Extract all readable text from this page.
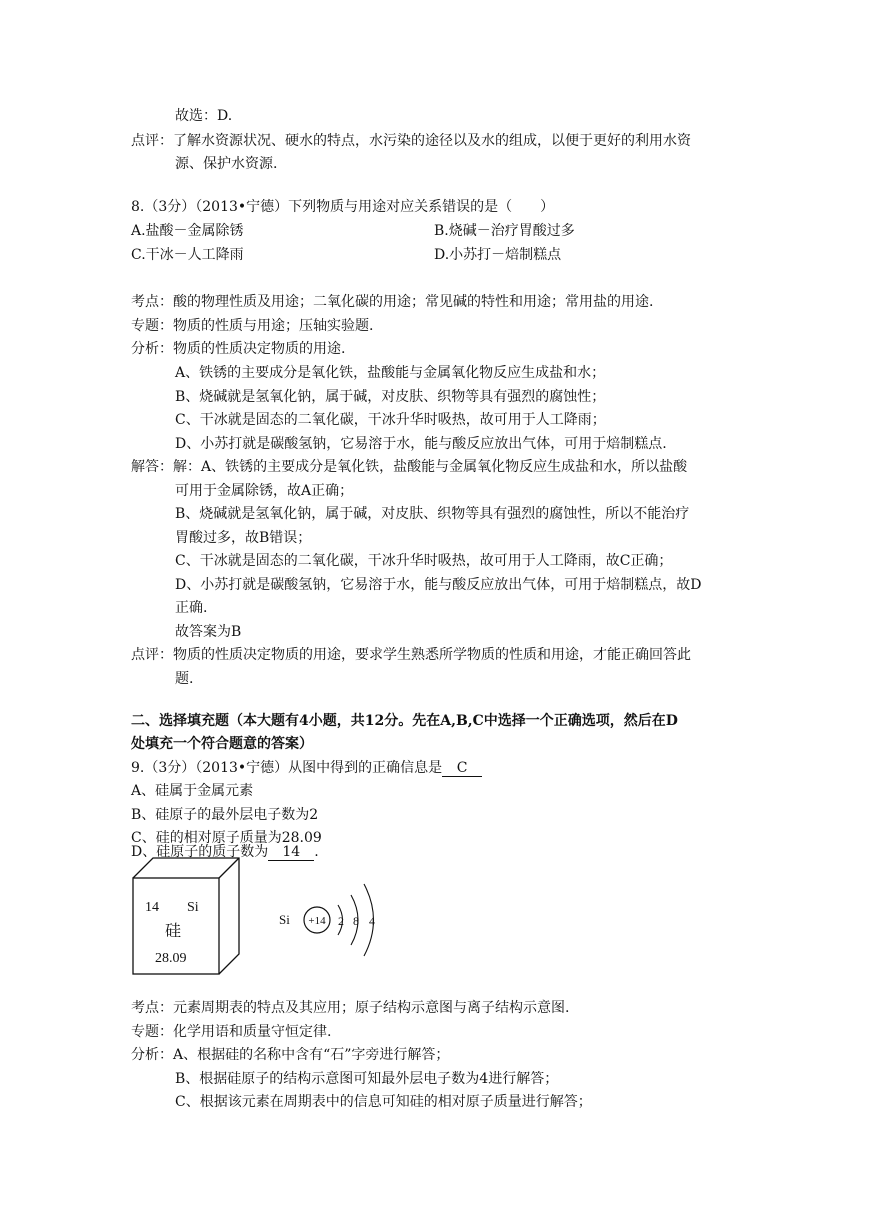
故选：D.
点评：了解水资源状况、硬水的特点，水污染的途径以及水的组成，以便于更好的利用水资
源、保护水资源.
8.（3分）（2013•宁德）下列物质与用途对应关系错误的是（　　）
A.盐酸－金属除锈	B.烧碱－治疗胃酸过多
C.干冰－人工降雨	D.小苏打－焙制糕点
考点：酸的物理性质及用途；二氧化碳的用途；常见碱的特性和用途；常用盐的用途.
专题：物质的性质与用途；压轴实验题.
分析：物质的性质决定物质的用途.
A、铁锈的主要成分是氧化铁，盐酸能与金属氧化物反应生成盐和水；
B、烧碱就是氢氧化钠，属于碱，对皮肤、织物等具有强烈的腐蚀性；
C、干冰就是固态的二氧化碳，干冰升华时吸热，故可用于人工降雨；
D、小苏打就是碳酸氢钠，它易溶于水，能与酸反应放出气体，可用于焙制糕点.
解答：解：A、铁锈的主要成分是氧化铁，盐酸能与金属氧化物反应生成盐和水，所以盐酸
可用于金属除锈，故A正确；
B、烧碱就是氢氧化钠，属于碱，对皮肤、织物等具有强烈的腐蚀性，所以不能治疗
胃酸过多，故B错误；
C、干冰就是固态的二氧化碳，干冰升华时吸热，故可用于人工降雨，故C正确；
D、小苏打就是碳酸氢钠，它易溶于水，能与酸反应放出气体，可用于焙制糕点，故D
正确.
故答案为B
点评：物质的性质决定物质的用途，要求学生熟悉所学物质的性质和用途，才能正确回答此
题.
二、选择填充题（本大题有4小题，共12分。先在A,B,C中选择一个正确选项，然后在D
处填充一个符合题意的答案）
9.（3分）（2013•宁德）从图中得到的正确信息是 C
A、硅属于金属元素
B、硅原子的最外层电子数为2
C、硅的相对原子质量为28.09
D、硅原子的质子数为 14 .
14 Si
硅
28.09
Si +14 2 8 4
考点：元素周期表的特点及其应用；原子结构示意图与离子结构示意图.
专题：化学用语和质量守恒定律.
分析：A、根据硅的名称中含有“石”字旁进行解答；
B、根据硅原子的结构示意图可知最外层电子数为4进行解答；
C、根据该元素在周期表中的信息可知硅的相对原子质量进行解答；
